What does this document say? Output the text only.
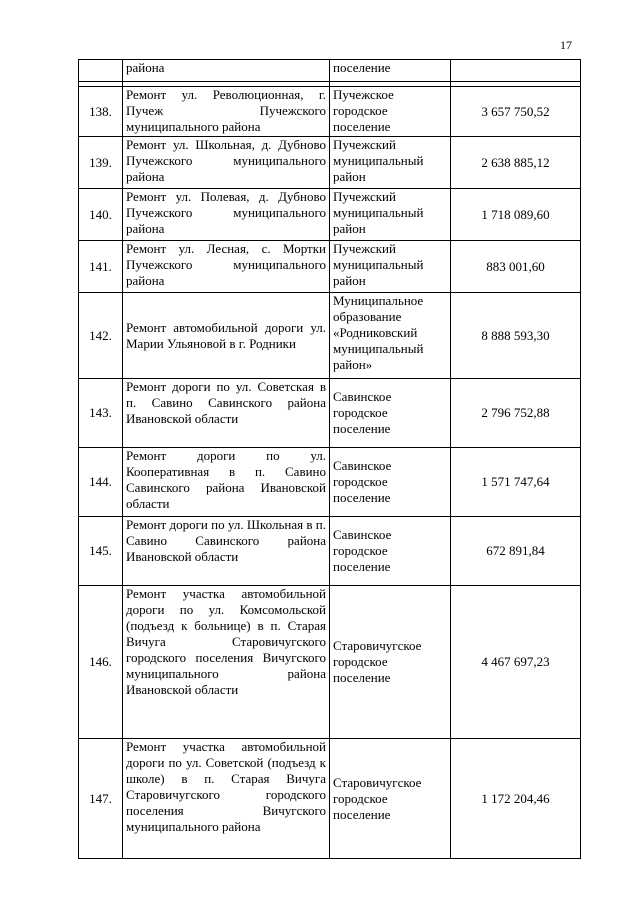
17
	района	поселение	

138.	Ремонт ул. Революционная, г. Пучеж Пучежского муниципального района	Пучежское
городское
поселение	3 657 750,52
139.	Ремонт ул. Школьная, д. Дубново Пучежского муниципального района	Пучежский
муниципальный
район	2 638 885,12
140.	Ремонт ул. Полевая, д. Дубново Пучежского муниципального района	Пучежский
муниципальный
район	1 718 089,60
141.	Ремонт ул. Лесная, с. Мортки Пучежского муниципального района	Пучежский
муниципальный
район	883 001,60
142.	Ремонт автомобильной дороги ул. Марии Ульяновой в г. Родники	Муниципальное
образование
«Родниковский
муниципальный
район»	8 888 593,30
143.	Ремонт дороги по ул. Советская в п. Савино Савинского района Ивановской области	Савинское
городское
поселение	2 796 752,88
144.	Ремонт дороги по ул. Кооперативная в п. Савино Савинского района Ивановской области	Савинское
городское
поселение	1 571 747,64
145.	Ремонт дороги по ул. Школьная в п. Савино Савинского района Ивановской области	Савинское
городское
поселение	672 891,84
146.	Ремонт участка автомобильной дороги по ул. Комсомольской (подъезд к больнице) в п. Старая Вичуга Старовичугского городского поселения Вичугского муниципального района Ивановской области	Старовичугское
городское
поселение	4 467 697,23
147.	Ремонт участка автомобильной дороги по ул. Советской (подъезд к школе) в п. Старая Вичуга Старовичугского городского поселения Вичугского муниципального района	Старовичугское
городское
поселение	1 172 204,46
